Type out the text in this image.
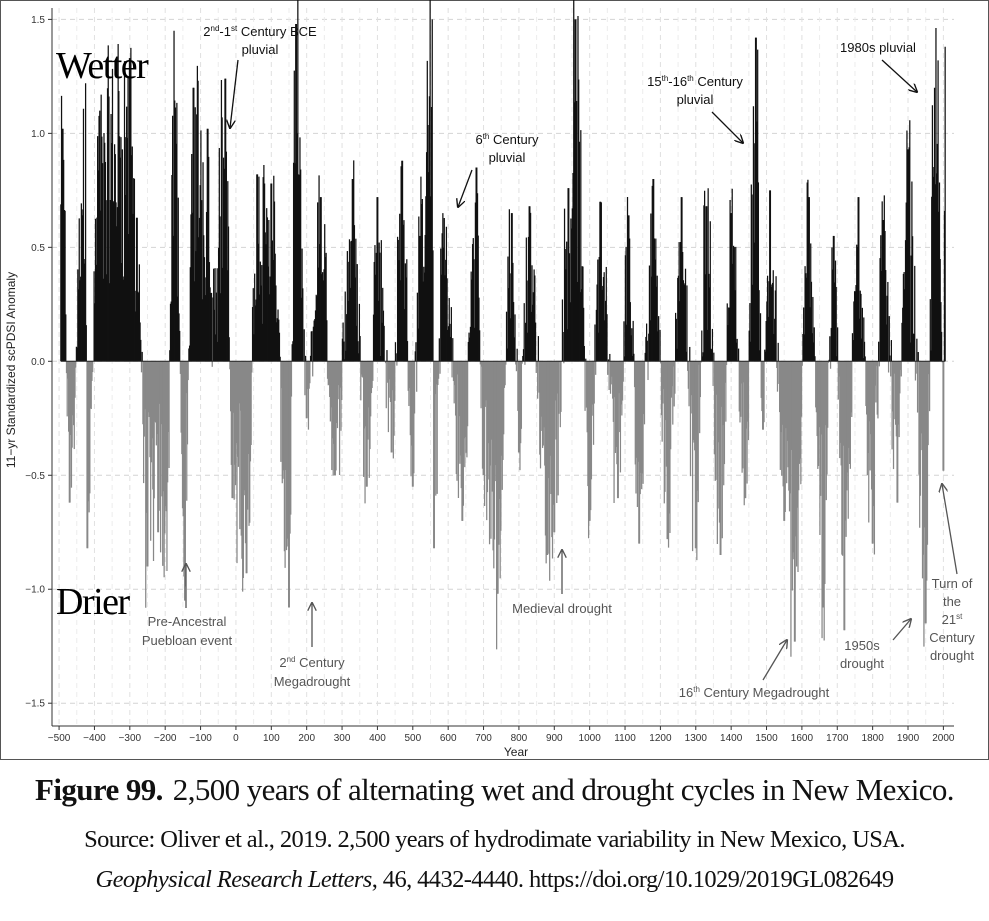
−500 −400 −300 −200 −100 0 100 200 300 400 500 600 700 800 900 1000 1100 1200 1300 1400 1500 1600 1700 1800 1900 2000
−1.5
−1.0
−0.5
0.0
0.5
1.0
1.5
Year
11−yr Standardized scPDSI Anomaly
Wetter
Drier
2nd-1st Century BCE
pluvial
6th Century
pluvial
15th-16th Century
pluvial
1980s pluvial
Pre-Ancestral
Puebloan event
2nd Century
Megadrought
Medieval drought
16th Century Megadrought
1950s
drought
Turn of
the
21st
Century
drought
Figure 99. 2,500 years of alternating wet and drought cycles in New Mexico.
Source: Oliver et al., 2019. 2,500 years of hydrodimate variability in New Mexico, USA.
Geophysical Research Letters, 46, 4432-4440. https://doi.org/10.1029/2019GL082649
